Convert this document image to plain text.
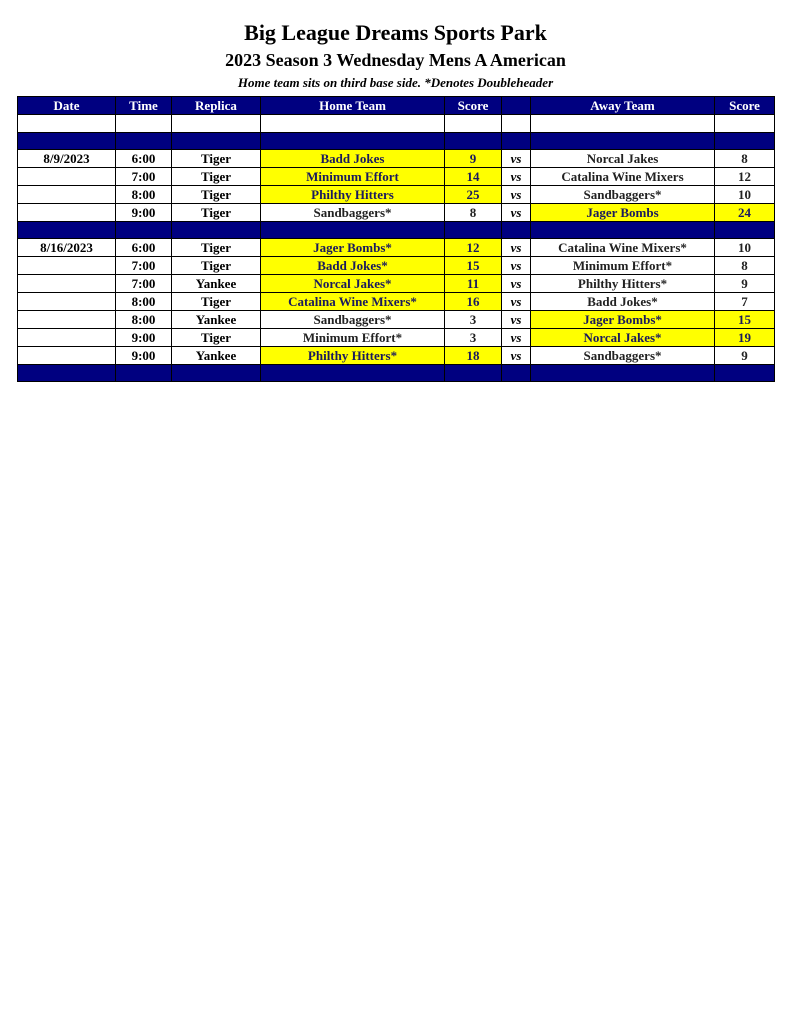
Big League Dreams Sports Park
2023 Season 3 Wednesday Mens A American
Home team sits on third base side. *Denotes Doubleheader
Date	Time	Replica	Home Team	Score		Away Team	Score

8/9/2023	6:00	Tiger	Badd Jokes	9	vs	Norcal Jakes	8
	7:00	Tiger	Minimum Effort	14	vs	Catalina Wine Mixers	12
	8:00	Tiger	Philthy Hitters	25	vs	Sandbaggers*	10
	9:00	Tiger	Sandbaggers*	8	vs	Jager Bombs	24

8/16/2023	6:00	Tiger	Jager Bombs*	12	vs	Catalina Wine Mixers*	10
	7:00	Tiger	Badd Jokes*	15	vs	Minimum Effort*	8
	7:00	Yankee	Norcal Jakes*	11	vs	Philthy Hitters*	9
	8:00	Tiger	Catalina Wine Mixers*	16	vs	Badd Jokes*	7
	8:00	Yankee	Sandbaggers*	3	vs	Jager Bombs*	15
	9:00	Tiger	Minimum Effort*	3	vs	Norcal Jakes*	19
	9:00	Yankee	Philthy Hitters*	18	vs	Sandbaggers*	9
